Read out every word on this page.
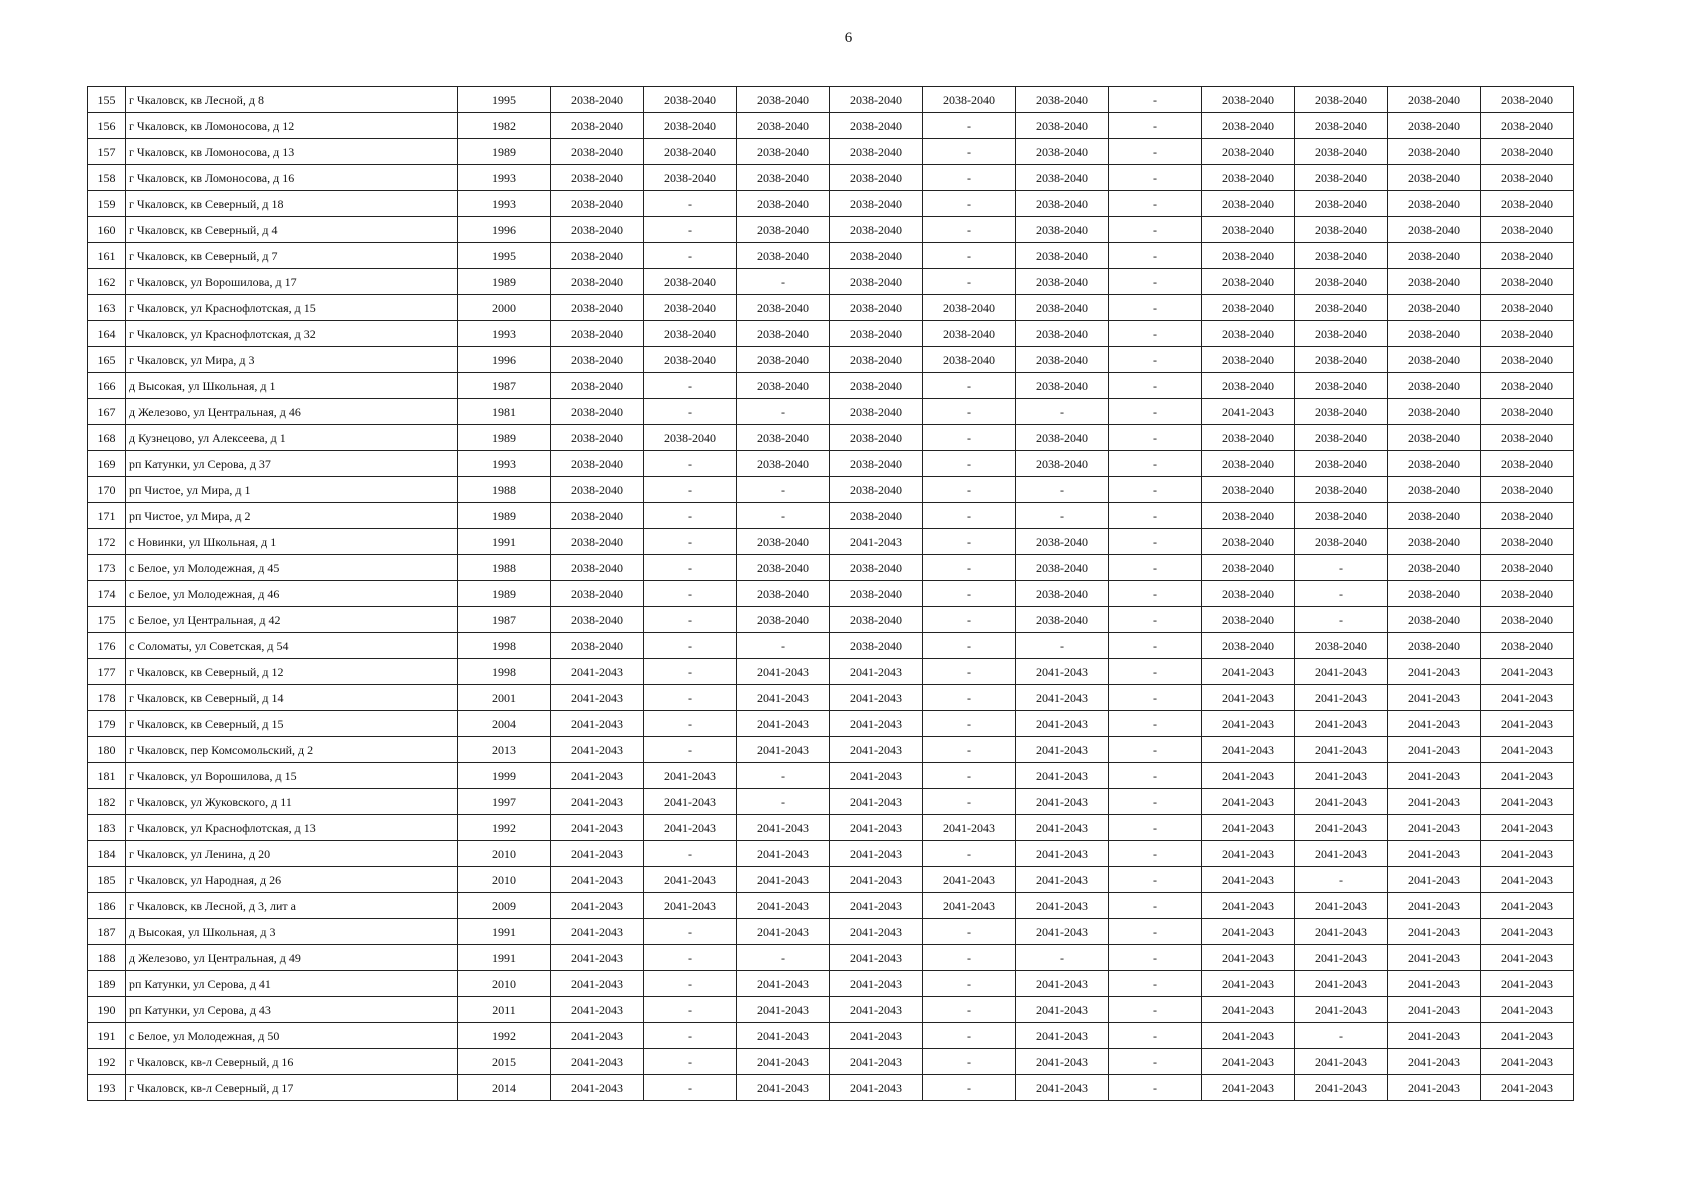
6
155	г Чкаловск, кв Лесной, д 8	1995	2038-2040	2038-2040	2038-2040	2038-2040	2038-2040	2038-2040	-	2038-2040	2038-2040	2038-2040	2038-2040
156	г Чкаловск, кв Ломоносова, д 12	1982	2038-2040	2038-2040	2038-2040	2038-2040	-	2038-2040	-	2038-2040	2038-2040	2038-2040	2038-2040
157	г Чкаловск, кв Ломоносова, д 13	1989	2038-2040	2038-2040	2038-2040	2038-2040	-	2038-2040	-	2038-2040	2038-2040	2038-2040	2038-2040
158	г Чкаловск, кв Ломоносова, д 16	1993	2038-2040	2038-2040	2038-2040	2038-2040	-	2038-2040	-	2038-2040	2038-2040	2038-2040	2038-2040
159	г Чкаловск, кв Северный, д 18	1993	2038-2040	-	2038-2040	2038-2040	-	2038-2040	-	2038-2040	2038-2040	2038-2040	2038-2040
160	г Чкаловск, кв Северный, д 4	1996	2038-2040	-	2038-2040	2038-2040	-	2038-2040	-	2038-2040	2038-2040	2038-2040	2038-2040
161	г Чкаловск, кв Северный, д 7	1995	2038-2040	-	2038-2040	2038-2040	-	2038-2040	-	2038-2040	2038-2040	2038-2040	2038-2040
162	г Чкаловск, ул Ворошилова, д 17	1989	2038-2040	2038-2040	-	2038-2040	-	2038-2040	-	2038-2040	2038-2040	2038-2040	2038-2040
163	г Чкаловск, ул Краснофлотская, д 15	2000	2038-2040	2038-2040	2038-2040	2038-2040	2038-2040	2038-2040	-	2038-2040	2038-2040	2038-2040	2038-2040
164	г Чкаловск, ул Краснофлотская, д 32	1993	2038-2040	2038-2040	2038-2040	2038-2040	2038-2040	2038-2040	-	2038-2040	2038-2040	2038-2040	2038-2040
165	г Чкаловск, ул Мира, д 3	1996	2038-2040	2038-2040	2038-2040	2038-2040	2038-2040	2038-2040	-	2038-2040	2038-2040	2038-2040	2038-2040
166	д Высокая, ул Школьная, д 1	1987	2038-2040	-	2038-2040	2038-2040	-	2038-2040	-	2038-2040	2038-2040	2038-2040	2038-2040
167	д Железово, ул Центральная, д 46	1981	2038-2040	-	-	2038-2040	-	-	-	2041-2043	2038-2040	2038-2040	2038-2040
168	д Кузнецово, ул Алексеева, д 1	1989	2038-2040	2038-2040	2038-2040	2038-2040	-	2038-2040	-	2038-2040	2038-2040	2038-2040	2038-2040
169	рп Катунки, ул Серова, д 37	1993	2038-2040	-	2038-2040	2038-2040	-	2038-2040	-	2038-2040	2038-2040	2038-2040	2038-2040
170	рп Чистое, ул Мира, д 1	1988	2038-2040	-	-	2038-2040	-	-	-	2038-2040	2038-2040	2038-2040	2038-2040
171	рп Чистое, ул Мира, д 2	1989	2038-2040	-	-	2038-2040	-	-	-	2038-2040	2038-2040	2038-2040	2038-2040
172	с Новинки, ул Школьная, д 1	1991	2038-2040	-	2038-2040	2041-2043	-	2038-2040	-	2038-2040	2038-2040	2038-2040	2038-2040
173	с Белое, ул Молодежная, д 45	1988	2038-2040	-	2038-2040	2038-2040	-	2038-2040	-	2038-2040	-	2038-2040	2038-2040
174	с Белое, ул Молодежная, д 46	1989	2038-2040	-	2038-2040	2038-2040	-	2038-2040	-	2038-2040	-	2038-2040	2038-2040
175	с Белое, ул Центральная, д 42	1987	2038-2040	-	2038-2040	2038-2040	-	2038-2040	-	2038-2040	-	2038-2040	2038-2040
176	с Соломаты, ул Советская, д 54	1998	2038-2040	-	-	2038-2040	-	-	-	2038-2040	2038-2040	2038-2040	2038-2040
177	г Чкаловск, кв Северный, д 12	1998	2041-2043	-	2041-2043	2041-2043	-	2041-2043	-	2041-2043	2041-2043	2041-2043	2041-2043
178	г Чкаловск, кв Северный, д 14	2001	2041-2043	-	2041-2043	2041-2043	-	2041-2043	-	2041-2043	2041-2043	2041-2043	2041-2043
179	г Чкаловск, кв Северный, д 15	2004	2041-2043	-	2041-2043	2041-2043	-	2041-2043	-	2041-2043	2041-2043	2041-2043	2041-2043
180	г Чкаловск, пер Комсомольский, д 2	2013	2041-2043	-	2041-2043	2041-2043	-	2041-2043	-	2041-2043	2041-2043	2041-2043	2041-2043
181	г Чкаловск, ул Ворошилова, д 15	1999	2041-2043	2041-2043	-	2041-2043	-	2041-2043	-	2041-2043	2041-2043	2041-2043	2041-2043
182	г Чкаловск, ул Жуковского, д 11	1997	2041-2043	2041-2043	-	2041-2043	-	2041-2043	-	2041-2043	2041-2043	2041-2043	2041-2043
183	г Чкаловск, ул Краснофлотская, д 13	1992	2041-2043	2041-2043	2041-2043	2041-2043	2041-2043	2041-2043	-	2041-2043	2041-2043	2041-2043	2041-2043
184	г Чкаловск, ул Ленина, д 20	2010	2041-2043	-	2041-2043	2041-2043	-	2041-2043	-	2041-2043	2041-2043	2041-2043	2041-2043
185	г Чкаловск, ул Народная, д 26	2010	2041-2043	2041-2043	2041-2043	2041-2043	2041-2043	2041-2043	-	2041-2043	-	2041-2043	2041-2043
186	г Чкаловск, кв Лесной, д 3, лит а	2009	2041-2043	2041-2043	2041-2043	2041-2043	2041-2043	2041-2043	-	2041-2043	2041-2043	2041-2043	2041-2043
187	д Высокая, ул Школьная, д 3	1991	2041-2043	-	2041-2043	2041-2043	-	2041-2043	-	2041-2043	2041-2043	2041-2043	2041-2043
188	д Железово, ул Центральная, д 49	1991	2041-2043	-	-	2041-2043	-	-	-	2041-2043	2041-2043	2041-2043	2041-2043
189	рп Катунки, ул Серова, д 41	2010	2041-2043	-	2041-2043	2041-2043	-	2041-2043	-	2041-2043	2041-2043	2041-2043	2041-2043
190	рп Катунки, ул Серова, д 43	2011	2041-2043	-	2041-2043	2041-2043	-	2041-2043	-	2041-2043	2041-2043	2041-2043	2041-2043
191	с Белое, ул Молодежная, д 50	1992	2041-2043	-	2041-2043	2041-2043	-	2041-2043	-	2041-2043	-	2041-2043	2041-2043
192	г Чкаловск, кв-л Северный, д 16	2015	2041-2043	-	2041-2043	2041-2043	-	2041-2043	-	2041-2043	2041-2043	2041-2043	2041-2043
193	г Чкаловск, кв-л Северный, д 17	2014	2041-2043	-	2041-2043	2041-2043	-	2041-2043	-	2041-2043	2041-2043	2041-2043	2041-2043
